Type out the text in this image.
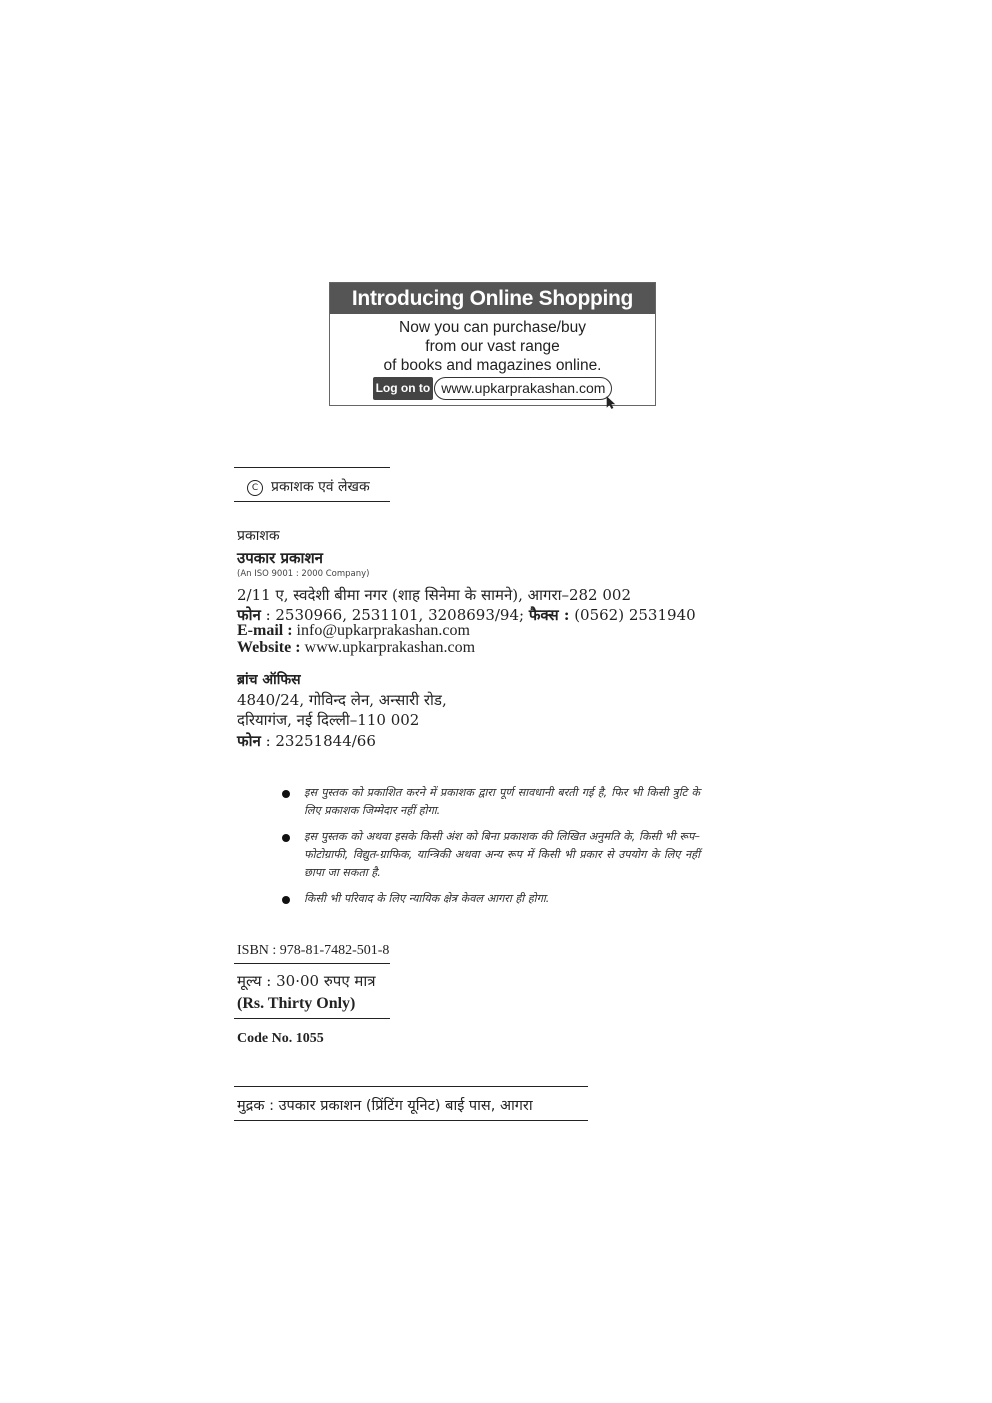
Introducing Online Shopping
Now you can purchase/buy
from our vast range
of books and magazines online.
Log on to www.upkarprakashan.com
C प्रकाशक एवं लेखक
प्रकाशक
उपकार प्रकाशन
(An ISO 9001 : 2000 Company)
2/11 ए, स्वदेशी बीमा नगर (शाह सिनेमा के सामने), आगरा–282 002
फोन : 2530966, 2531101, 3208693/94; फैक्स : (0562) 2531940
E-mail : info@upkarprakashan.com
Website : www.upkarprakashan.com
ब्रांच ऑफिस
4840/24, गोविन्द लेन, अन्सारी रोड,
दरियागंज, नई दिल्ली–110 002
फोन : 23251844/66
इस पुस्तक को प्रकाशित करने में प्रकाशक द्वारा पूर्ण सावधानी बरती गई है, फिर भी किसी त्रुटि के लिए प्रकाशक जिम्मेदार नहीं होगा.
इस पुस्तक को अथवा इसके किसी अंश को बिना प्रकाशक की लिखित अनुमति के, किसी भी रूप–फोटोग्राफी, विद्युत-ग्राफिक, यान्त्रिकी अथवा अन्य रूप में किसी भी प्रकार से उपयोग के लिए नहीं छापा जा सकता है.
किसी भी परिवाद के लिए न्यायिक क्षेत्र केवल आगरा ही होगा.
ISBN : 978-81-7482-501-8
मूल्य : 30·00 रुपए मात्र
(Rs. Thirty Only)
Code No. 1055
मुद्रक : उपकार प्रकाशन (प्रिंटिंग यूनिट) बाई पास, आगरा
